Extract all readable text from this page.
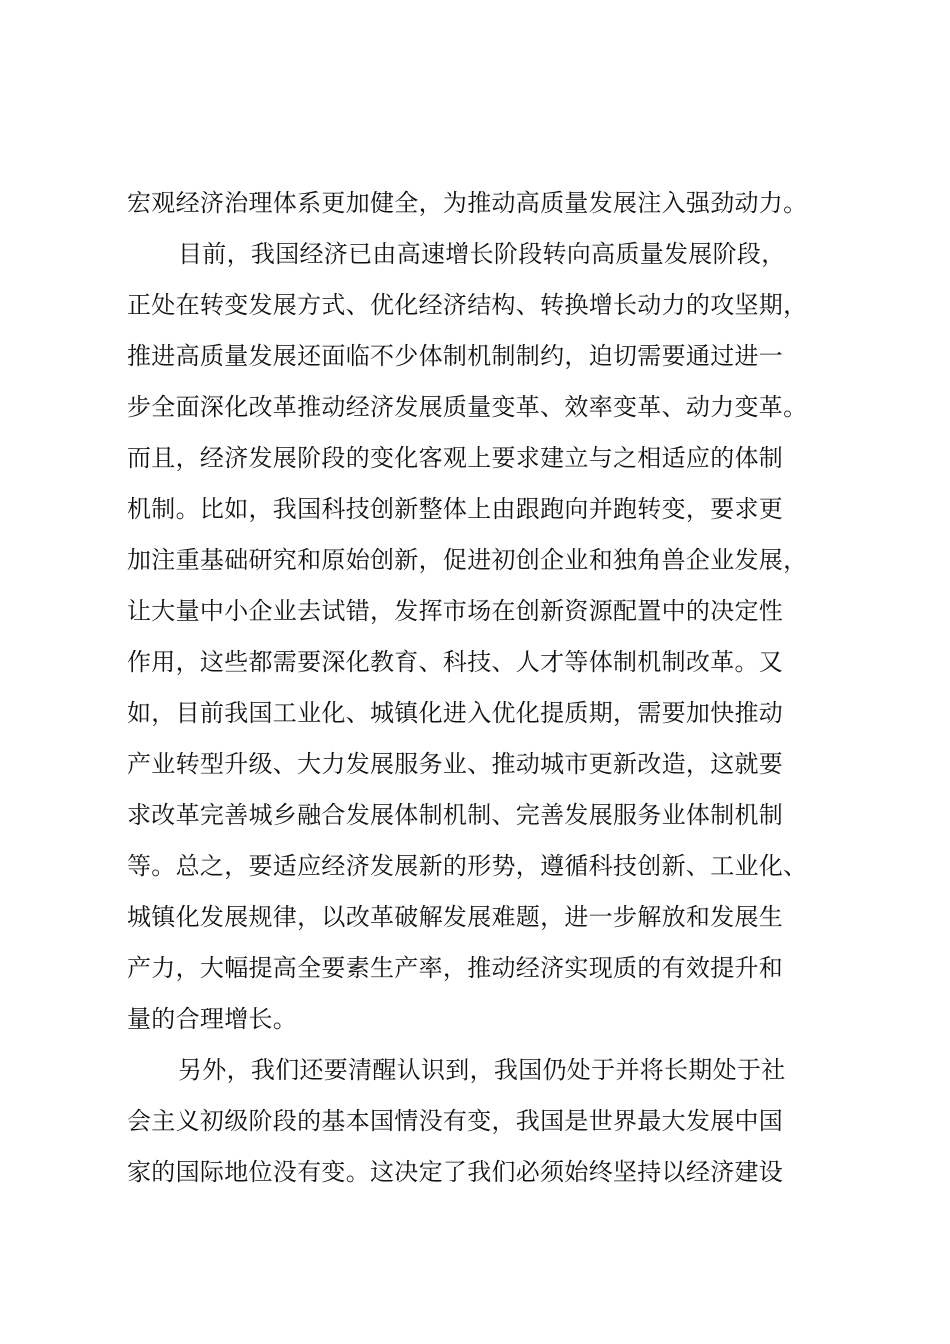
宏观经济治理体系更加健全，为推动高质量发展注入强劲动力。
目前，我国经济已由高速增长阶段转向高质量发展阶段，
正处在转变发展方式、优化经济结构、转换增长动力的攻坚期，
推进高质量发展还面临不少体制机制制约，迫切需要通过进一
步全面深化改革推动经济发展质量变革、效率变革、动力变革。
而且，经济发展阶段的变化客观上要求建立与之相适应的体制
机制。比如，我国科技创新整体上由跟跑向并跑转变，要求更
加注重基础研究和原始创新，促进初创企业和独角兽企业发展，
让大量中小企业去试错，发挥市场在创新资源配置中的决定性
作用，这些都需要深化教育、科技、人才等体制机制改革。又
如，目前我国工业化、城镇化进入优化提质期，需要加快推动
产业转型升级、大力发展服务业、推动城市更新改造，这就要
求改革完善城乡融合发展体制机制、完善发展服务业体制机制
等。总之，要适应经济发展新的形势，遵循科技创新、工业化、
城镇化发展规律，以改革破解发展难题，进一步解放和发展生
产力，大幅提高全要素生产率，推动经济实现质的有效提升和
量的合理增长。
另外，我们还要清醒认识到，我国仍处于并将长期处于社
会主义初级阶段的基本国情没有变，我国是世界最大发展中国
家的国际地位没有变。这决定了我们必须始终坚持以经济建设
